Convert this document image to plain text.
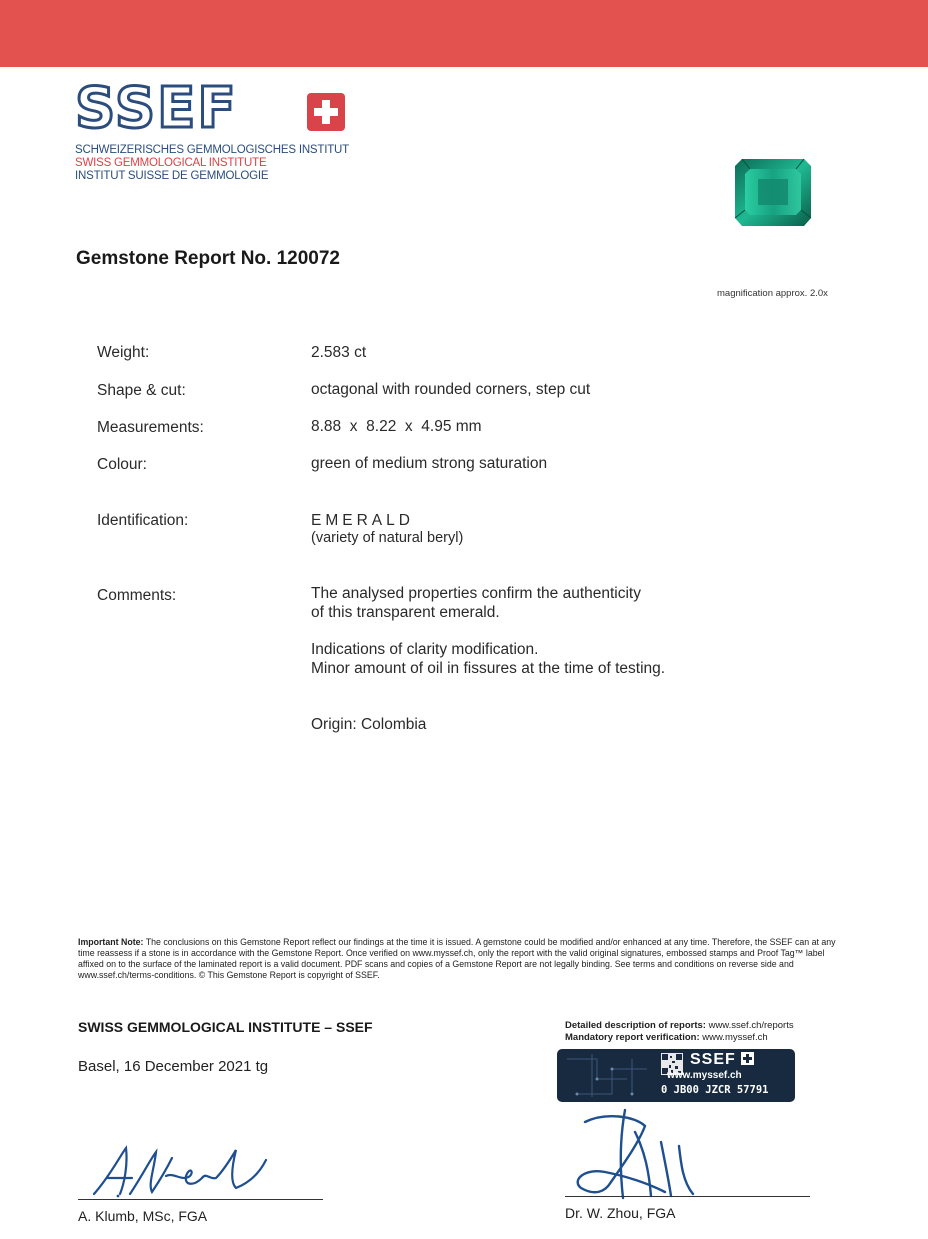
SSEF
SCHWEIZERISCHES GEMMOLOGISCHES INSTITUT
SWISS GEMMOLOGICAL INSTITUTE
INSTITUT SUISSE DE GEMMOLOGIE
Gemstone Report No. 120072
magnification approx. 2.0x
Weight:	2.583 ct
Shape & cut:	octagonal with rounded corners, step cut
Measurements:	8.88  x  8.22  x  4.95 mm
Colour:	green of medium strong saturation
Identification:	EMERALD
(variety of natural beryl)
Comments:	The analysed properties confirm the authenticity
of this transparent emerald.
Indications of clarity modification.
Minor amount of oil in fissures at the time of testing.
Origin: Colombia
Important Note: The conclusions on this Gemstone Report reflect our findings at the time it is issued. A gemstone could be modified and/or enhanced at any time. Therefore, the SSEF can at any time reassess if a stone is in accordance with the Gemstone Report. Once verified on www.myssef.ch, only the report with the valid original signatures, embossed stamps and Proof Tag™ label affixed on to the surface of the laminated report is a valid document. PDF scans and copies of a Gemstone Report are not legally binding. See terms and conditions on reverse side and www.ssef.ch/terms-conditions. © This Gemstone Report is copyright of SSEF.
SWISS GEMMOLOGICAL INSTITUTE – SSEF
Basel, 16 December 2021 tg
Detailed description of reports: www.ssef.ch/reports
Mandatory report verification: www.myssef.ch
SSEF
www.myssef.ch
0 JB00 JZCR 57791
A. Klumb, MSc, FGA	Dr. W. Zhou, FGA
